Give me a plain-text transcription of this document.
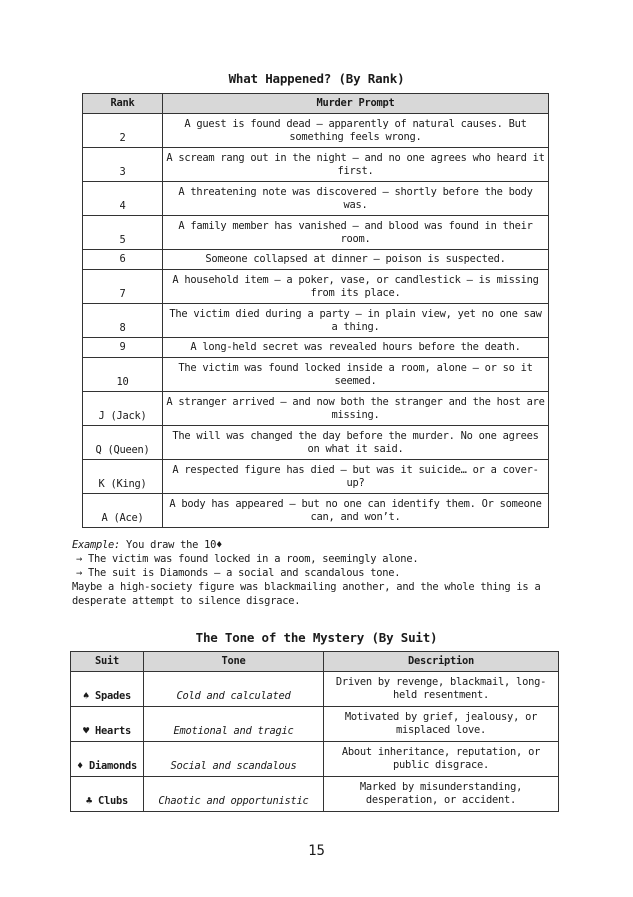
What Happened? (By Rank)
Rank	Murder Prompt
2	A guest is found dead — apparently of natural causes. But something feels wrong.
3	A scream rang out in the night — and no one agrees who heard it first.
4	A threatening note was discovered — shortly before the body was.
5	A family member has vanished — and blood was found in their room.
6	Someone collapsed at dinner — poison is suspected.
7	A household item — a poker, vase, or candlestick — is missing from its place.
8	The victim died during a party — in plain view, yet no one saw a thing.
9	A long-held secret was revealed hours before the death.
10	The victim was found locked inside a room, alone — or so it seemed.
J (Jack)	A stranger arrived — and now both the stranger and the host are missing.
Q (Queen)	The will was changed the day before the murder. No one agrees on what it said.
K (King)	A respected figure has died — but was it suicide… or a cover-up?
A (Ace)	A body has appeared — but no one can identify them. Or someone can, and won’t.

Example: You draw the 10♦

→ The victim was found locked in a room, seemingly alone.

→ The suit is Diamonds — a social and scandalous tone.

Maybe a high-society figure was blackmailing another, and the whole thing is a desperate attempt to silence disgrace.

The Tone of the Mystery (By Suit)
Suit	Tone	Description
♠ Spades	Cold and calculated	Driven by revenge, blackmail, long-held resentment.
♥ Hearts	Emotional and tragic	Motivated by grief, jealousy, or misplaced love.
♦ Diamonds	Social and scandalous	About inheritance, reputation, or public disgrace.
♣ Clubs	Chaotic and opportunistic	Marked by misunderstanding, desperation, or accident.
15
